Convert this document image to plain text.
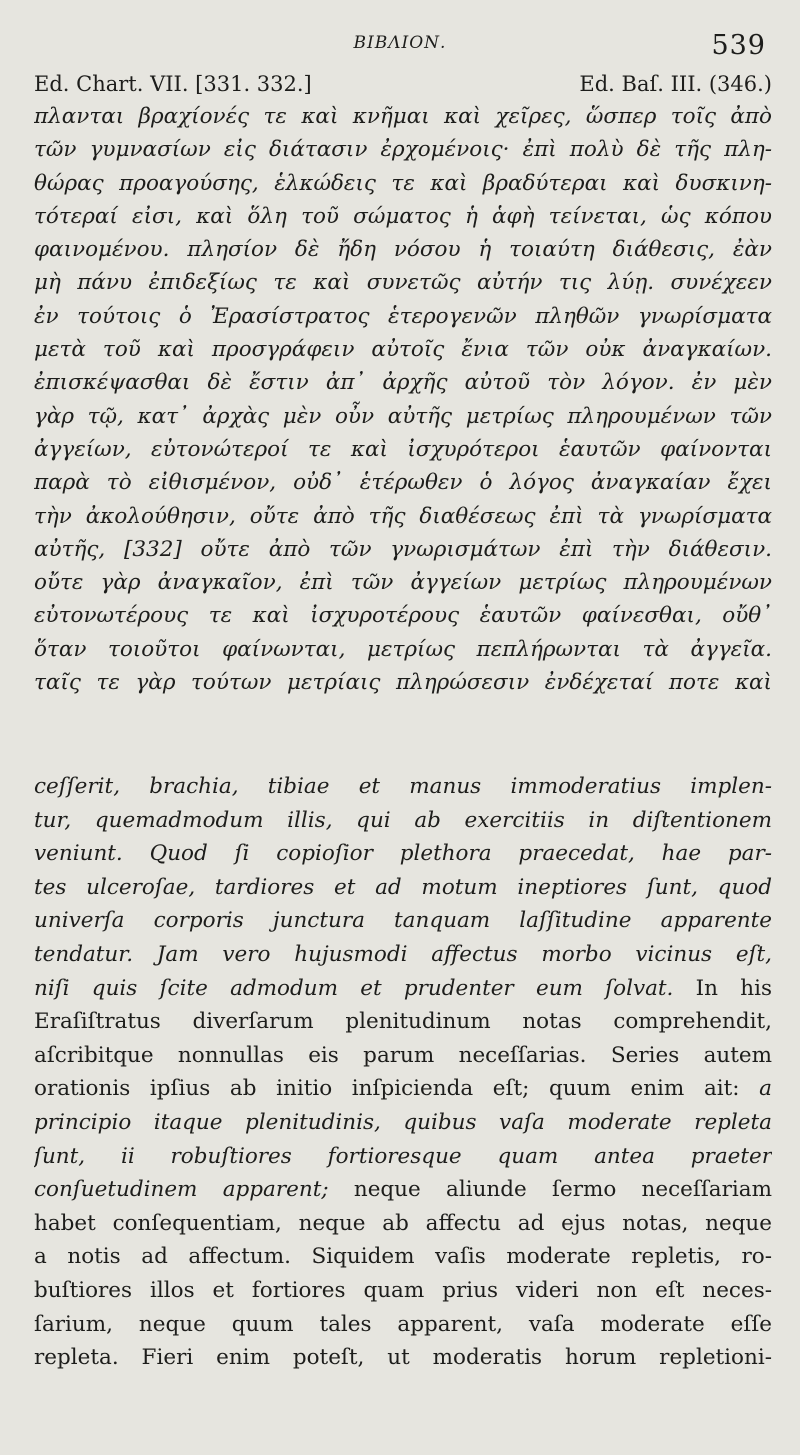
BIBΛΙΟΝ.	539
Ed. Chart. VII. [331. 332.]	Ed. Baſ. III. (346.)
πλανται βραχίονές τε καὶ κνῆμαι καὶ χεῖρες, ὥσπερ τοῖς ἀπὸ
τῶν γυμνασίων εἰς διάτασιν ἐρχομένοις· ἐπὶ πολὺ δὲ τῆς πλη-
θώρας προαγούσης, ἑλκώδεις τε καὶ βραδύτεραι καὶ δυσκινη-
τότεραί εἰσι, καὶ ὅλη τοῦ σώματος ἡ ἁφὴ τείνεται, ὡς κόπου
φαινομένου. πλησίον δὲ ἤδη νόσου ἡ τοιαύτη διάθεσις, ἐὰν
μὴ πάνυ ἐπιδεξίως τε καὶ συνετῶς αὐτήν τις λύῃ. συνέχεεν
ἐν τούτοις ὁ Ἐρασίστρατος ἑτερογενῶν πληθῶν γνωρίσματα
μετὰ τοῦ καὶ προσγράφειν αὐτοῖς ἔνια τῶν οὐκ ἀναγκαίων.
ἐπισκέψασθαι δὲ ἔστιν ἀπ᾽ ἀρχῆς αὐτοῦ τὸν λόγον. ἐν μὲν
γὰρ τῷ, κατ᾽ ἀρχὰς μὲν οὖν αὐτῆς μετρίως πληρουμένων τῶν
ἀγγείων, εὐτονώτεροί τε καὶ ἰσχυρότεροι ἑαυτῶν φαίνονται
παρὰ τὸ εἰθισμένον, οὐδ᾽ ἑτέρωθεν ὁ λόγος ἀναγκαίαν ἔχει
τὴν ἀκολούθησιν, οὔτε ἀπὸ τῆς διαθέσεως ἐπὶ τὰ γνωρίσματα
αὐτῆς, [332] οὔτε ἀπὸ τῶν γνωρισμάτων ἐπὶ τὴν διάθεσιν.
οὔτε γὰρ ἀναγκαῖον, ἐπὶ τῶν ἀγγείων μετρίως πληρουμένων
εὐτονωτέρους τε καὶ ἰσχυροτέρους ἑαυτῶν φαίνεσθαι, οὔθ᾽
ὅταν τοιοῦτοι φαίνωνται, μετρίως πεπλήρωνται τὰ ἀγγεῖα.
ταῖς τε γὰρ τούτων μετρίαις πληρώσεσιν ἐνδέχεταί ποτε καὶ
ceſſerit, brachia, tibiae et manus immoderatius implen-
tur, quemadmodum illis, qui ab exercitiis in diſtentionem
veniunt. Quod ſi copioſior plethora praecedat, hae par-
tes ulceroſae, tardiores et ad motum ineptiores ſunt, quod
univerſa corporis junctura tanquam laſſitudine apparente
tendatur. Jam vero hujusmodi affectus morbo vicinus eſt,
niſi quis ſcite admodum et prudenter eum ſolvat. In his
Eraſiſtratus diverſarum plenitudinum notas comprehendit,
aſcribitque nonnullas eis parum neceſſarias. Series autem
orationis ipſius ab initio inſpicienda eſt; quum enim ait: a
principio itaque plenitudinis, quibus vaſa moderate repleta
ſunt, ii robuſtiores fortioresque quam antea praeter
conſuetudinem apparent; neque aliunde ſermo neceſſariam
habet conſequentiam, neque ab affectu ad ejus notas, neque
a notis ad affectum. Siquidem vaſis moderate repletis, ro-
buſtiores illos et fortiores quam prius videri non eſt neces-
ſarium, neque quum tales apparent, vaſa moderate eſſe
repleta. Fieri enim poteſt, ut moderatis horum repletioni-
